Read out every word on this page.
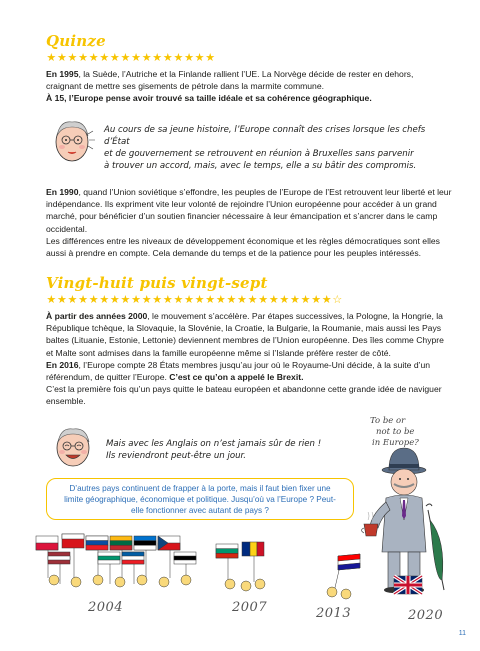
Quinze
★ ★ ★ ★ ★ ★ ★ ★ ★ ★ ★ ★ ★ ★ ★ ★
En 1995, la Suède, l’Autriche et la Finlande rallient l’UE. La Norvège décide de rester en dehors, craignant de mettre ses gisements de pétrole dans la marmite commune.
À 15, l’Europe pense avoir trouvé sa taille idéale et sa cohérence géographique.
Au cours de sa jeune histoire, l’Europe connaît des crises lorsque les chefs d’État
et de gouvernement se retrouvent en réunion à Bruxelles sans parvenir
à trouver un accord, mais, avec le temps, elle a su bâtir des compromis.
En 1990, quand l’Union soviétique s’effondre, les peuples de l’Europe de l’Est retrouvent leur liberté et leur indépendance. Ils expriment vite leur volonté de rejoindre l’Union européenne pour accéder à un grand marché, pour bénéficier d’un soutien financier nécessaire à leur émancipation et s’ancrer dans le camp occidental.
Les différences entre les niveaux de développement économique et les règles démocratiques sont elles aussi à prendre en compte. Cela demande du temps et de la patience pour les peuples intéressés.
Vingt-huit puis vingt-sept
★ ★ ★ ★ ★ ★ ★ ★ ★ ★ ★ ★ ★ ★ ★ ★ ★ ★ ★ ★ ★ ★ ★ ★ ★ ★ ★ ☆
À partir des années 2000, le mouvement s’accélère. Par étapes successives, la Pologne, la Hongrie, la République tchèque, la Slovaquie, la Slovénie, la Croatie, la Bulgarie, la Roumanie, mais aussi les Pays baltes (Lituanie, Estonie, Lettonie) deviennent membres de l’Union européenne. Des îles comme Chypre et Malte sont admises dans la famille européenne même si l’Islande préfère rester de côté.
En 2016, l’Europe compte 28 États membres jusqu’au jour où le Royaume-Uni décide, à la suite d’un référendum, de quitter l’Europe. C’est ce qu’on a appelé le Brexit.
C’est la première fois qu’un pays quitte le bateau européen et abandonne cette grande idée de naviguer ensemble.
Mais avec les Anglais on n’est jamais sûr de rien !
Ils reviendront peut-être un jour.
To be or
not to be
in Europe?
D’autres pays continuent de frapper à la porte, mais il faut bien fixer une limite géographique, économique et politique. Jusqu’où va l’Europe ? Peut-elle fonctionner avec autant de pays ?
2004	2007	2013	2020
11
